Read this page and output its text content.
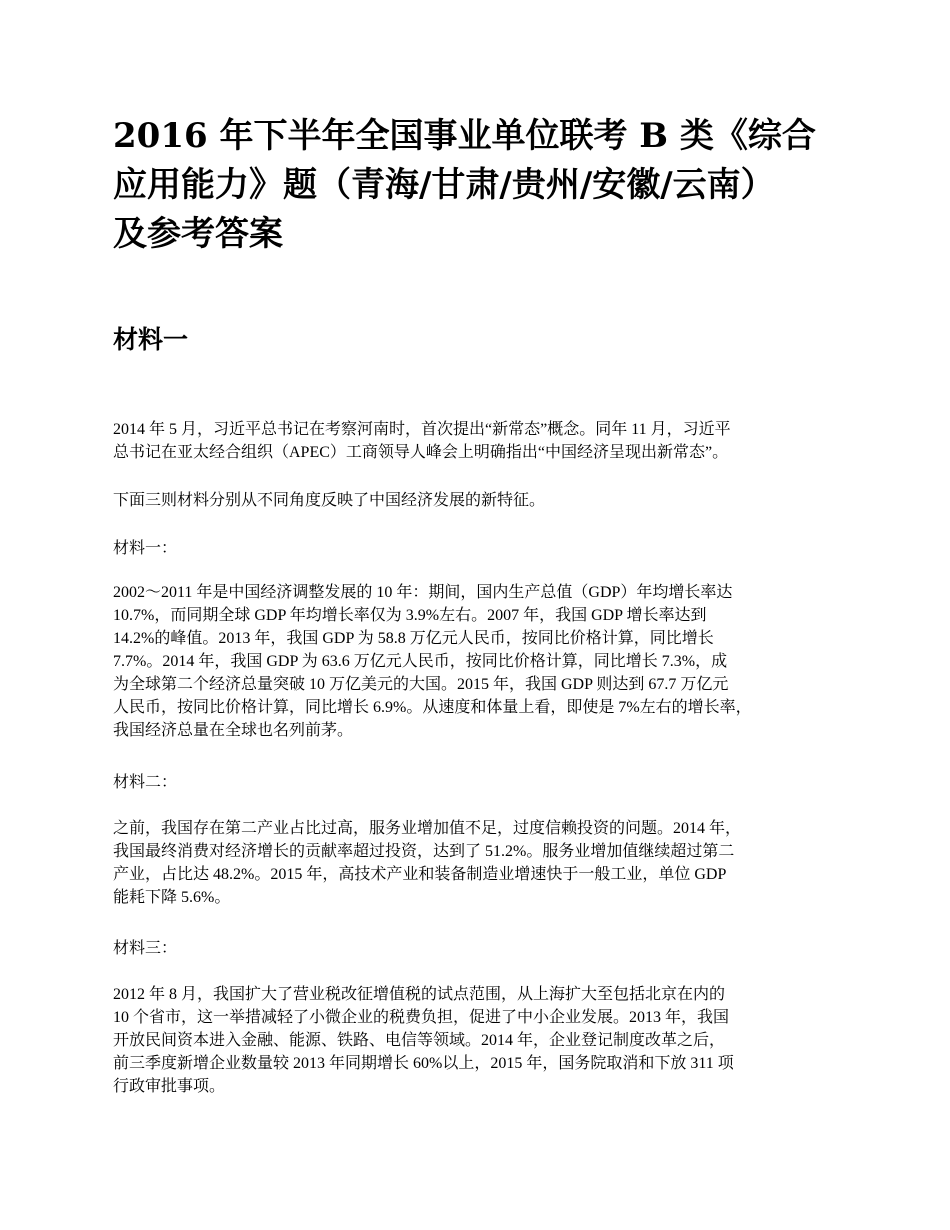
2016 年下半年全国事业单位联考 B 类《综合
应用能力》题（青海/甘肃/贵州/安徽/云南）
及参考答案
材料一

2014 年 5 月，习近平总书记在考察河南时，首次提出“新常态”概念。同年 11 月，习近平
总书记在亚太经合组织（APEC）工商领导人峰会上明确指出“中国经济呈现出新常态”。

下面三则材料分别从不同角度反映了中国经济发展的新特征。

材料一：

2002～2011 年是中国经济调整发展的 10 年：期间，国内生产总值（GDP）年均增长率达
10.7%，而同期全球 GDP 年均增长率仅为 3.9%左右。2007 年，我国 GDP 增长率达到
14.2%的峰值。2013 年，我国 GDP 为 58.8 万亿元人民币，按同比价格计算，同比增长
7.7%。2014 年，我国 GDP 为 63.6 万亿元人民币，按同比价格计算，同比增长 7.3%，成
为全球第二个经济总量突破 10 万亿美元的大国。2015 年，我国 GDP 则达到 67.7 万亿元
人民币，按同比价格计算，同比增长 6.9%。从速度和体量上看，即使是 7%左右的增长率，
我国经济总量在全球也名列前茅。

材料二：

之前，我国存在第二产业占比过高，服务业增加值不足，过度信赖投资的问题。2014 年，
我国最终消费对经济增长的贡献率超过投资，达到了 51.2%。服务业增加值继续超过第二
产业，占比达 48.2%。2015 年，高技术产业和装备制造业增速快于一般工业，单位 GDP
能耗下降 5.6%。

材料三：

2012 年 8 月，我国扩大了营业税改征增值税的试点范围，从上海扩大至包括北京在内的
10 个省市，这一举措减轻了小微企业的税费负担，促进了中小企业发展。2013 年，我国
开放民间资本进入金融、能源、铁路、电信等领域。2014 年，企业登记制度改革之后，
前三季度新增企业数量较 2013 年同期增长 60%以上，2015 年，国务院取消和下放 311 项
行政审批事项。
